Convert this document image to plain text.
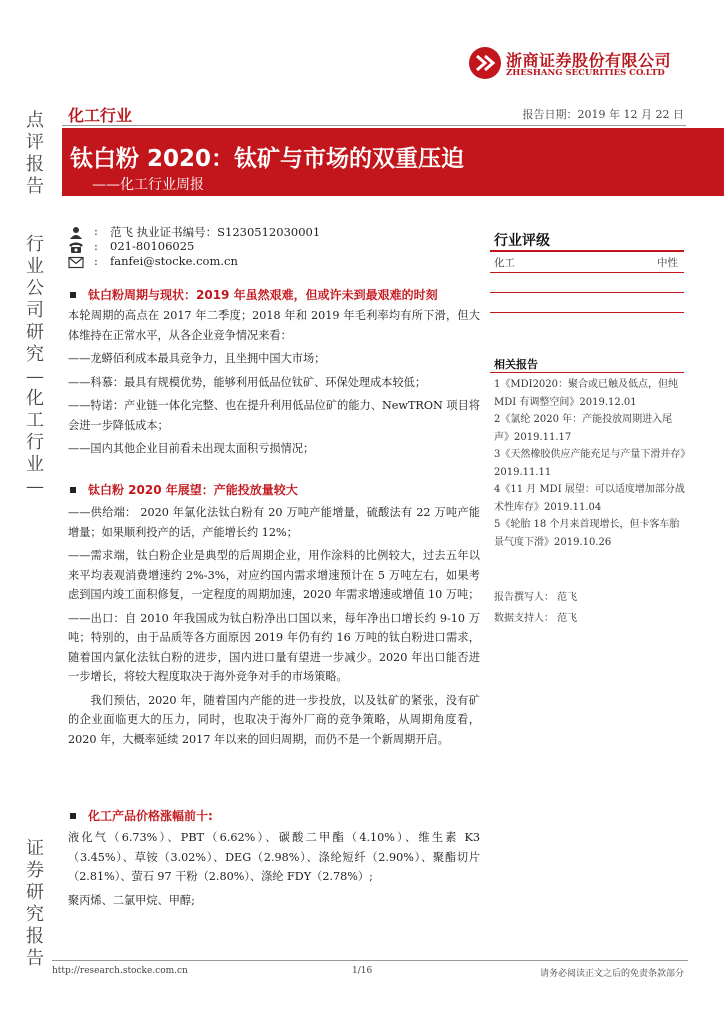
浙商证券股份有限公司
ZHESHANG SECURITIES CO.LTD
点
评
报
告
行
业
公
司
研
究
—
化
工
行
业
—
证
券
研
究
报
告
化工行业	报告日期：2019 年 12 月 22 日
钛白粉 2020：钛矿与市场的双重压迫
——化工行业周报
: 范飞 执业证书编号：S1230512030001
: 021-80106025
: fanfei@stocke.com.cn
行业评级
化工	中性
相关报告
1《MDI2020：聚合或已触及低点，但纯MDI 有调整空间》2019.12.01
2《氯纶 2020 年：产能投放周期进入尾声》2019.11.17
3《天然橡胶供应产能充足与产量下滑并存》2019.11.11
4《11 月 MDI 展望：可以适度增加部分战术性库存》2019.11.04
5《轮胎 18 个月来首现增长，但卡客车胎景气度下滑》2019.10.26
报告撰写人： 范飞
数据支持人： 范飞
钛白粉周期与现状：2019 年虽然艰难，但或许未到最艰难的时刻

本轮周期的高点在 2017 年二季度；2018 年和 2019 年毛利率均有所下滑，但大体维持在正常水平，从各企业竞争情况来看：

——龙蟒佰利成本最具竞争力，且坐拥中国大市场；

——科慕：最具有规模优势，能够利用低品位钛矿、环保处理成本较低；

——特诺：产业链一体化完整、也在提升利用低品位矿的能力、NewTRON 项目将会进一步降低成本；

——国内其他企业目前看未出现太面积亏损情况；

钛白粉 2020 年展望：产能投放量较大

——供给端： 2020 年氯化法钛白粉有 20 万吨产能增量，硫酸法有 22 万吨产能增量；如果顺利投产的话，产能增长约 12%；

——需求端，钛白粉企业是典型的后周期企业，用作涂料的比例较大，过去五年以来平均表观消费增速约 2%-3%，对应约国内需求增速预计在 5 万吨左右，如果考虑到国内竣工面积修复，一定程度的周期加速，2020 年需求增速或增值 10 万吨；

——出口：自 2010 年我国成为钛白粉净出口国以来，每年净出口增长约 9-10 万吨；特别的，由于品质等各方面原因 2019 年仍有约 16 万吨的钛白粉进口需求，随着国内氯化法钛白粉的进步，国内进口量有望进一步减少。2020 年出口能否进一步增长，将较大程度取决于海外竞争对手的市场策略。

我们预估，2020 年，随着国内产能的进一步投放，以及钛矿的紧张，没有矿的企业面临更大的压力，同时，也取决于海外厂商的竞争策略，从周期角度看，2020 年，大概率延续 2017 年以来的回归周期，而仍不是一个新周期开启。

化工产品价格涨幅前十:

液化气（6.73%）、PBT（6.62%）、碳酸二甲酯（4.10%）、维生素 K3（3.45%）、草铵（3.02%）、DEG（2.98%）、涤纶短纤（2.90%）、聚酯切片（2.81%）、萤石 97 干粉（2.80%）、涤纶 FDY（2.78%）;

聚丙烯、二氯甲烷、甲醇;

http://research.stocke.com.cn	1/16	请务必阅读正文之后的免责条款部分
